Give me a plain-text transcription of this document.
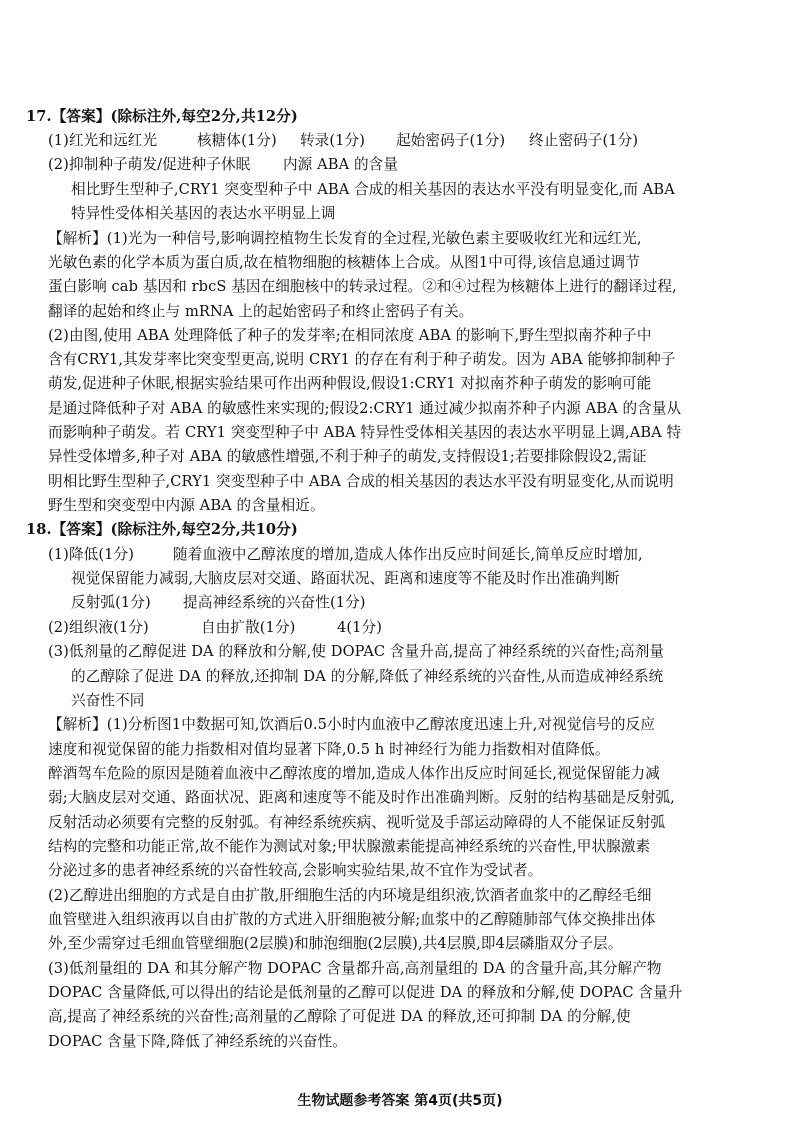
17.【答案】(除标注外,每空2分,共12分)
(1)红光和远红光	核糖体(1分) 转录(1分) 起始密码子(1分) 终止密码子(1分)
(2)抑制种子萌发/促进种子休眠 内源 ABA 的含量
相比野生型种子,CRY1 突变型种子中 ABA 合成的相关基因的表达水平没有明显变化,而 ABA
特异性受体相关基因的表达水平明显上调
【解析】(1)光为一种信号,影响调控植物生长发育的全过程,光敏色素主要吸收红光和远红光,
光敏色素的化学本质为蛋白质,故在植物细胞的核糖体上合成。从图1中可得,该信息通过调节
蛋白影响 cab 基因和 rbcS 基因在细胞核中的转录过程。②和④过程为核糖体上进行的翻译过程,
翻译的起始和终止与 mRNA 上的起始密码子和终止密码子有关。
(2)由图,使用 ABA 处理降低了种子的发芽率;在相同浓度 ABA 的影响下,野生型拟南芥种子中
含有CRY1,其发芽率比突变型更高,说明 CRY1 的存在有利于种子萌发。因为 ABA 能够抑制种子
萌发,促进种子休眠,根据实验结果可作出两种假设,假设1:CRY1 对拟南芥种子萌发的影响可能
是通过降低种子对 ABA 的敏感性来实现的;假设2:CRY1 通过减少拟南芥种子内源 ABA 的含量从
而影响种子萌发。若 CRY1 突变型种子中 ABA 特异性受体相关基因的表达水平明显上调,ABA 特
异性受体增多,种子对 ABA 的敏感性增强,不利于种子的萌发,支持假设1;若要排除假设2,需证
明相比野生型种子,CRY1 突变型种子中 ABA 合成的相关基因的表达水平没有明显变化,从而说明
野生型和突变型中内源 ABA 的含量相近。
18.【答案】(除标注外,每空2分,共10分)
(1)降低(1分)	随着血液中乙醇浓度的增加,造成人体作出反应时间延长,简单反应时增加,
视觉保留能力减弱,大脑皮层对交通、路面状况、距离和速度等不能及时作出准确判断
反射弧(1分) 提高神经系统的兴奋性(1分)
(2)组织液(1分)	自由扩散(1分)	4(1分)
(3)低剂量的乙醇促进 DA 的释放和分解,使 DOPAC 含量升高,提高了神经系统的兴奋性;高剂量
的乙醇除了促进 DA 的释放,还抑制 DA 的分解,降低了神经系统的兴奋性,从而造成神经系统
兴奋性不同
【解析】(1)分析图1中数据可知,饮酒后0.5小时内血液中乙醇浓度迅速上升,对视觉信号的反应
速度和视觉保留的能力指数相对值均显著下降,0.5 h 时神经行为能力指数相对值降低。
醉酒驾车危险的原因是随着血液中乙醇浓度的增加,造成人体作出反应时间延长,视觉保留能力减
弱;大脑皮层对交通、路面状况、距离和速度等不能及时作出准确判断。反射的结构基础是反射弧,
反射活动必须要有完整的反射弧。有神经系统疾病、视听觉及手部运动障碍的人不能保证反射弧
结构的完整和功能正常,故不能作为测试对象;甲状腺激素能提高神经系统的兴奋性,甲状腺激素
分泌过多的患者神经系统的兴奋性较高,会影响实验结果,故不宜作为受试者。
(2)乙醇进出细胞的方式是自由扩散,肝细胞生活的内环境是组织液,饮酒者血浆中的乙醇经毛细
血管壁进入组织液再以自由扩散的方式进入肝细胞被分解;血浆中的乙醇随肺部气体交换排出体
外,至少需穿过毛细血管壁细胞(2层膜)和肺泡细胞(2层膜),共4层膜,即4层磷脂双分子层。
(3)低剂量组的 DA 和其分解产物 DOPAC 含量都升高,高剂量组的 DA 的含量升高,其分解产物
DOPAC 含量降低,可以得出的结论是低剂量的乙醇可以促进 DA 的释放和分解,使 DOPAC 含量升
高,提高了神经系统的兴奋性;高剂量的乙醇除了可促进 DA 的释放,还可抑制 DA 的分解,使
DOPAC 含量下降,降低了神经系统的兴奋性。
生物试题参考答案 第4页(共5页)
